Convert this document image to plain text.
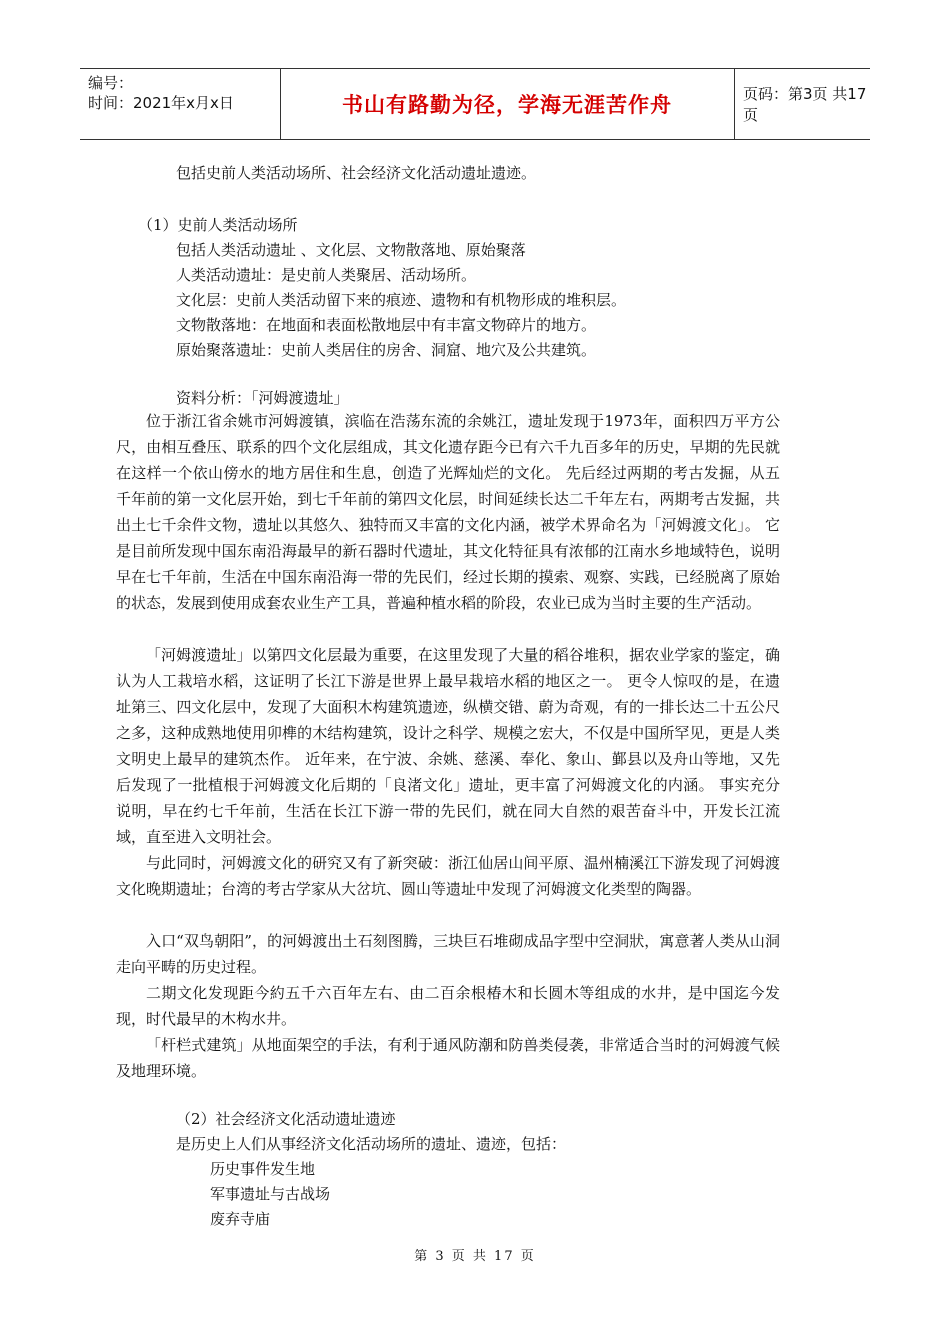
编号：
时间：2021年x月x日	书山有路勤为径，学海无涯苦作舟	页码：第3页 共17页
包括史前人类活动场所、社会经济文化活动遗址遗迹。
（1）史前人类活动场所
包括人类活动遗址 、文化层、文物散落地、原始聚落
人类活动遗址：是史前人类聚居、活动场所。
文化层：史前人类活动留下来的痕迹、遗物和有机物形成的堆积层。
文物散落地：在地面和表面松散地层中有丰富文物碎片的地方。
原始聚落遗址：史前人类居住的房舍、洞窟、地穴及公共建筑。
资料分析：「河姆渡遗址」
位于浙江省余姚市河姆渡镇，滨临在浩荡东流的余姚江，遗址发现于1973年，面积四万平方公尺，由相互叠压、联系的四个文化层组成，其文化遗存距今已有六千九百多年的历史，早期的先民就在这样一个依山傍水的地方居住和生息，创造了光辉灿烂的文化。 先后经过两期的考古发掘，从五千年前的第一文化层开始，到七千年前的第四文化层，时间延续长达二千年左右，两期考古发掘，共出土七千余件文物，遗址以其悠久、独特而又丰富的文化内涵，被学术界命名为「河姆渡文化」。 它是目前所发现中国东南沿海最早的新石器时代遗址，其文化特征具有浓郁的江南水乡地域特色，说明早在七千年前，生活在中国东南沿海一带的先民们，经过长期的摸索、观察、实践，已经脱离了原始的状态，发展到使用成套农业生产工具，普遍种植水稻的阶段，农业已成为当时主要的生产活动。
「河姆渡遗址」以第四文化层最为重要，在这里发现了大量的稻谷堆积，据农业学家的鉴定，确认为人工栽培水稻，这证明了长江下游是世界上最早栽培水稻的地区之一。 更令人惊叹的是，在遗址第三、四文化层中，发现了大面积木构建筑遗迹，纵横交错、蔚为奇观，有的一排长达二十五公尺之多，这种成熟地使用卯榫的木结构建筑，设计之科学、规模之宏大，不仅是中国所罕见，更是人类文明史上最早的建筑杰作。 近年来，在宁波、余姚、慈溪、奉化、象山、鄞县以及舟山等地，又先后发现了一批植根于河姆渡文化后期的「良渚文化」遗址，更丰富了河姆渡文化的内涵。 事实充分说明，早在约七千年前，生活在长江下游一带的先民们，就在同大自然的艰苦奋斗中，开发长江流域，直至进入文明社会。
与此同时，河姆渡文化的研究又有了新突破：浙江仙居山间平原、温州楠溪江下游发现了河姆渡文化晚期遗址；台湾的考古学家从大岔坑、圆山等遗址中发现了河姆渡文化类型的陶器。
入口“双鸟朝阳”，的河姆渡出土石刻图腾，三块巨石堆砌成品字型中空洞狀，寓意著人类从山洞走向平畴的历史过程。
二期文化发现距今約五千六百年左右、由二百余根椿木和长圆木等组成的水井，是中国迄今发现，时代最早的木构水井。
「杆栏式建筑」从地面架空的手法，有利于通风防潮和防兽类侵袭，非常适合当时的河姆渡气候及地理环境。
（2）社会经济文化活动遗址遗迹
是历史上人们从事经济文化活动场所的遗址、遗迹，包括：
历史事件发生地
军事遗址与古战场
废弃寺庙
第 3 页 共 17 页
